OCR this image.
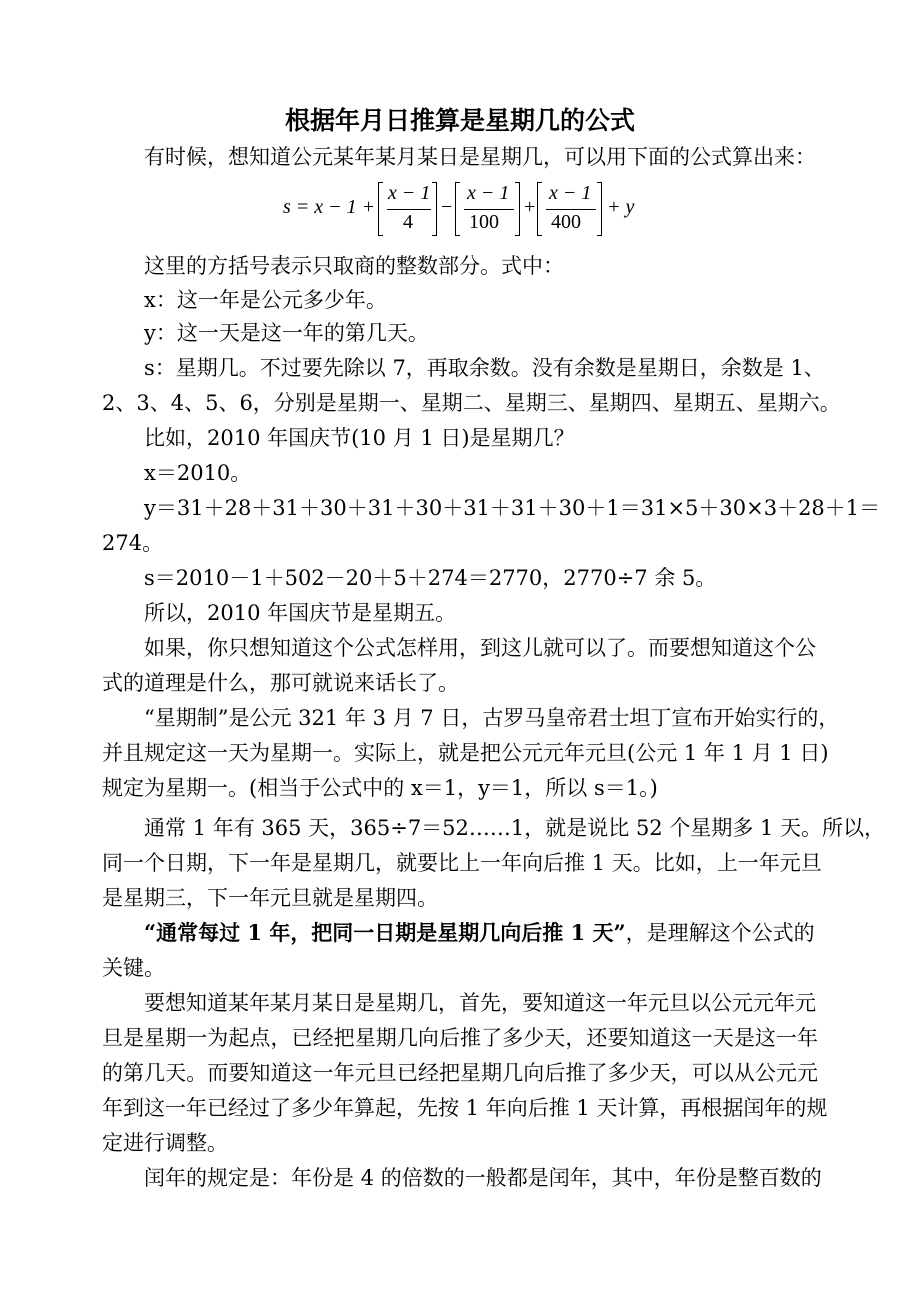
根据年月日推算是星期几的公式
有时候，想知道公元某年某月某日是星期几，可以用下面的公式算出来：
s = x − 1 +
x − 1
4
−
x − 1
100
+
x − 1
400
+ y
这里的方括号表示只取商的整数部分。式中：
x：这一年是公元多少年。
y：这一天是这一年的第几天。
s：星期几。不过要先除以 7，再取余数。没有余数是星期日，余数是 1、
2、3、4、5、6，分别是星期一、星期二、星期三、星期四、星期五、星期六。
比如，2010 年国庆节(10 月 1 日)是星期几？
x＝2010。
y＝31＋28＋31＋30＋31＋30＋31＋31＋30＋1＝31×5＋30×3＋28＋1＝
274。
s＝2010－1＋502－20＋5＋274＝2770，2770÷7 余 5。
所以，2010 年国庆节是星期五。
如果，你只想知道这个公式怎样用，到这儿就可以了。而要想知道这个公
式的道理是什么，那可就说来话长了。
“星期制”是公元 321 年 3 月 7 日，古罗马皇帝君士坦丁宣布开始实行的，
并且规定这一天为星期一。实际上，就是把公元元年元旦(公元 1 年 1 月 1 日)
规定为星期一。(相当于公式中的 x＝1，y＝1，所以 s＝1。)
通常 1 年有 365 天，365÷7＝52……1，就是说比 52 个星期多 1 天。所以，
同一个日期，下一年是星期几，就要比上一年向后推 1 天。比如，上一年元旦
是星期三，下一年元旦就是星期四。
“通常每过 1 年，把同一日期是星期几向后推 1 天”，是理解这个公式的
关键。
要想知道某年某月某日是星期几，首先，要知道这一年元旦以公元元年元
旦是星期一为起点，已经把星期几向后推了多少天，还要知道这一天是这一年
的第几天。而要知道这一年元旦已经把星期几向后推了多少天，可以从公元元
年到这一年已经过了多少年算起，先按 1 年向后推 1 天计算，再根据闰年的规
定进行调整。
闰年的规定是：年份是 4 的倍数的一般都是闰年，其中，年份是整百数的
